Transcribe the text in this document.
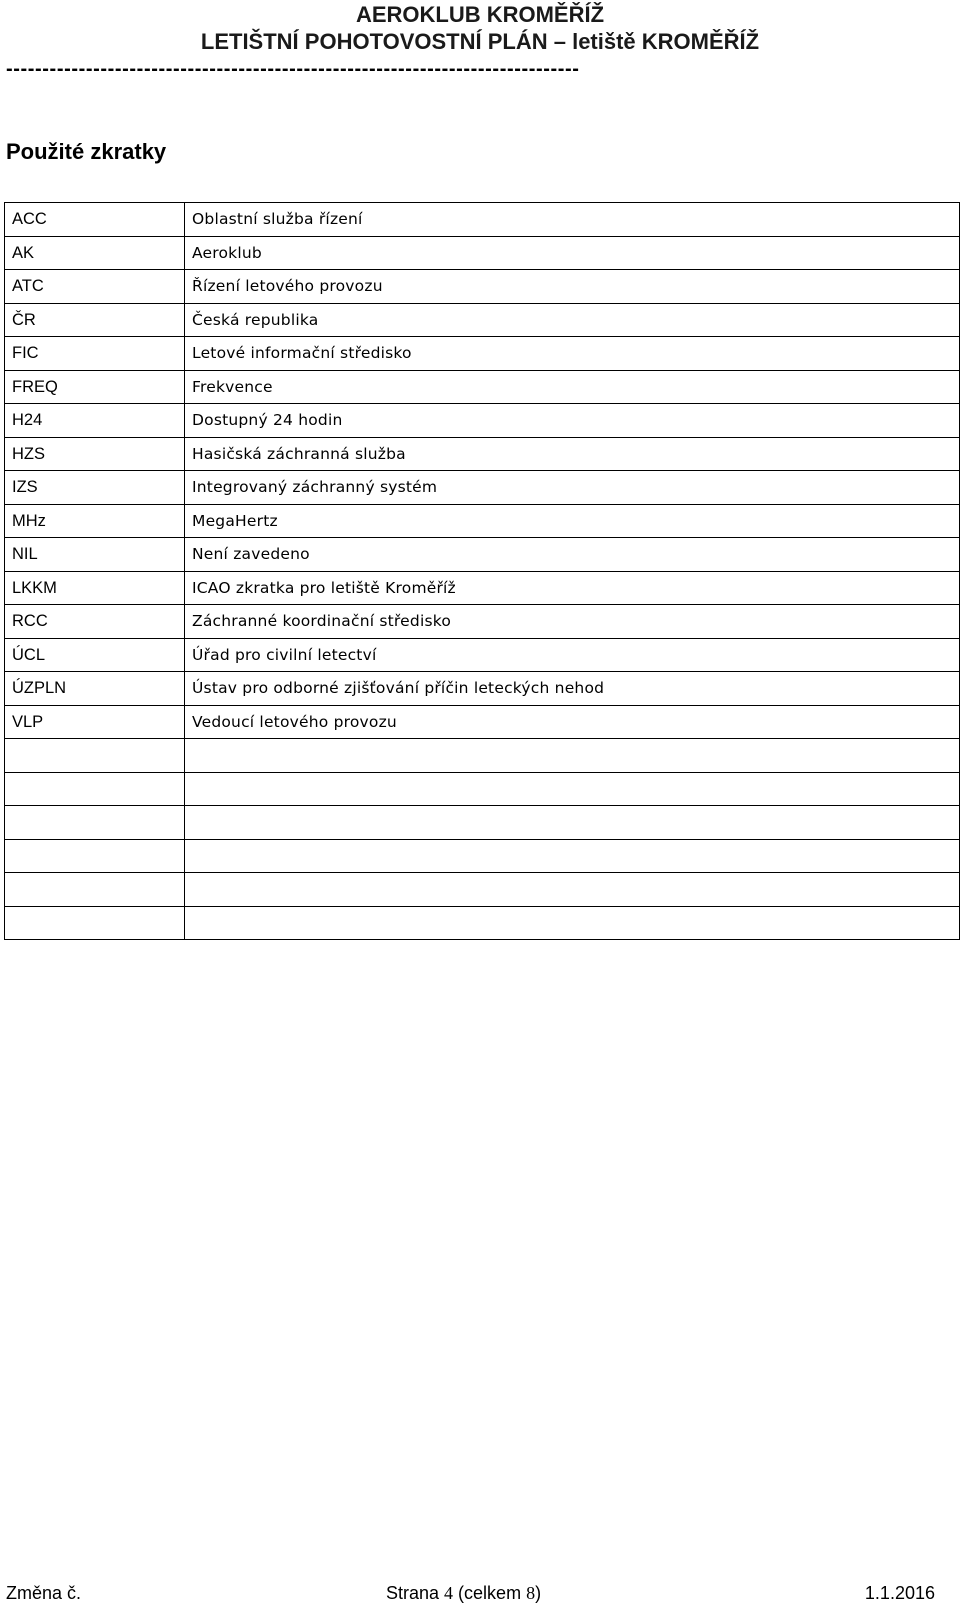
AEROKLUB KROMĚŘÍŽ
LETIŠTNÍ POHOTOVOSTNÍ PLÁN – letiště KROMĚŘÍŽ
-------------------------------------------------------------------------------
Použité zkratky
ACC	Oblastní služba řízení
AK	Aeroklub
ATC	Řízení letového provozu
ČR	Česká republika
FIC	Letové informační středisko
FREQ	Frekvence
H24	Dostupný 24 hodin
HZS	Hasičská záchranná služba
IZS	Integrovaný záchranný systém
MHz	MegaHertz
NIL	Není zavedeno
LKKM	ICAO zkratka pro letiště Kroměříž
RCC	Záchranné koordinační středisko
ÚCL	Úřad pro civilní letectví
ÚZPLN	Ústav pro odborné zjišťování příčin leteckých nehod
VLP	Vedoucí letového provozu

Změna č.	Strana 4 (celkem 8)	1.1.2016
